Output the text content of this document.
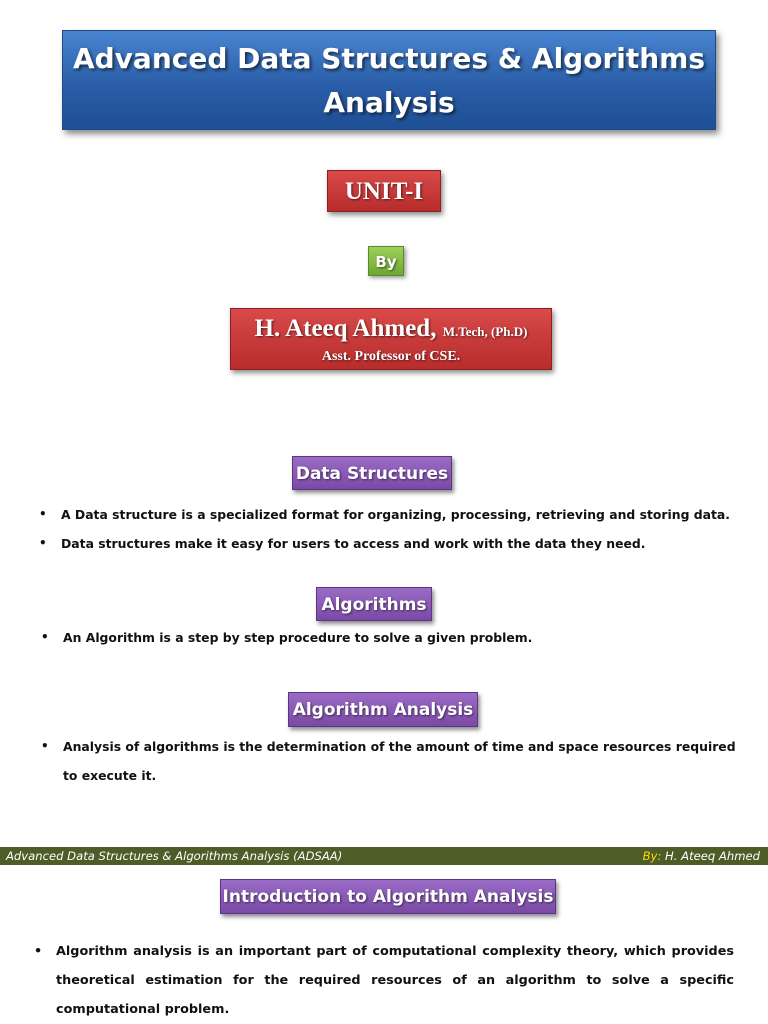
Advanced Data Structures & Algorithms
Analysis
UNIT-I
By
H. Ateeq Ahmed, M.Tech, (Ph.D)
Asst. Professor of CSE.
Data Structures
• A Data structure is a specialized format for organizing, processing, retrieving and storing data.
• Data structures make it easy for users to access and work with the data they need.
Algorithms
• An Algorithm is a step by step procedure to solve a given problem.
Algorithm Analysis
• Analysis of algorithms is the determination of the amount of time and space resources required
to execute it.
Advanced Data Structures & Algorithms Analysis (ADSAA)	By: H. Ateeq Ahmed
Introduction to Algorithm Analysis
• Algorithm analysis is an important part of computational complexity theory, which provides theoretical estimation for the required resources of an algorithm to solve a specific computational problem.
